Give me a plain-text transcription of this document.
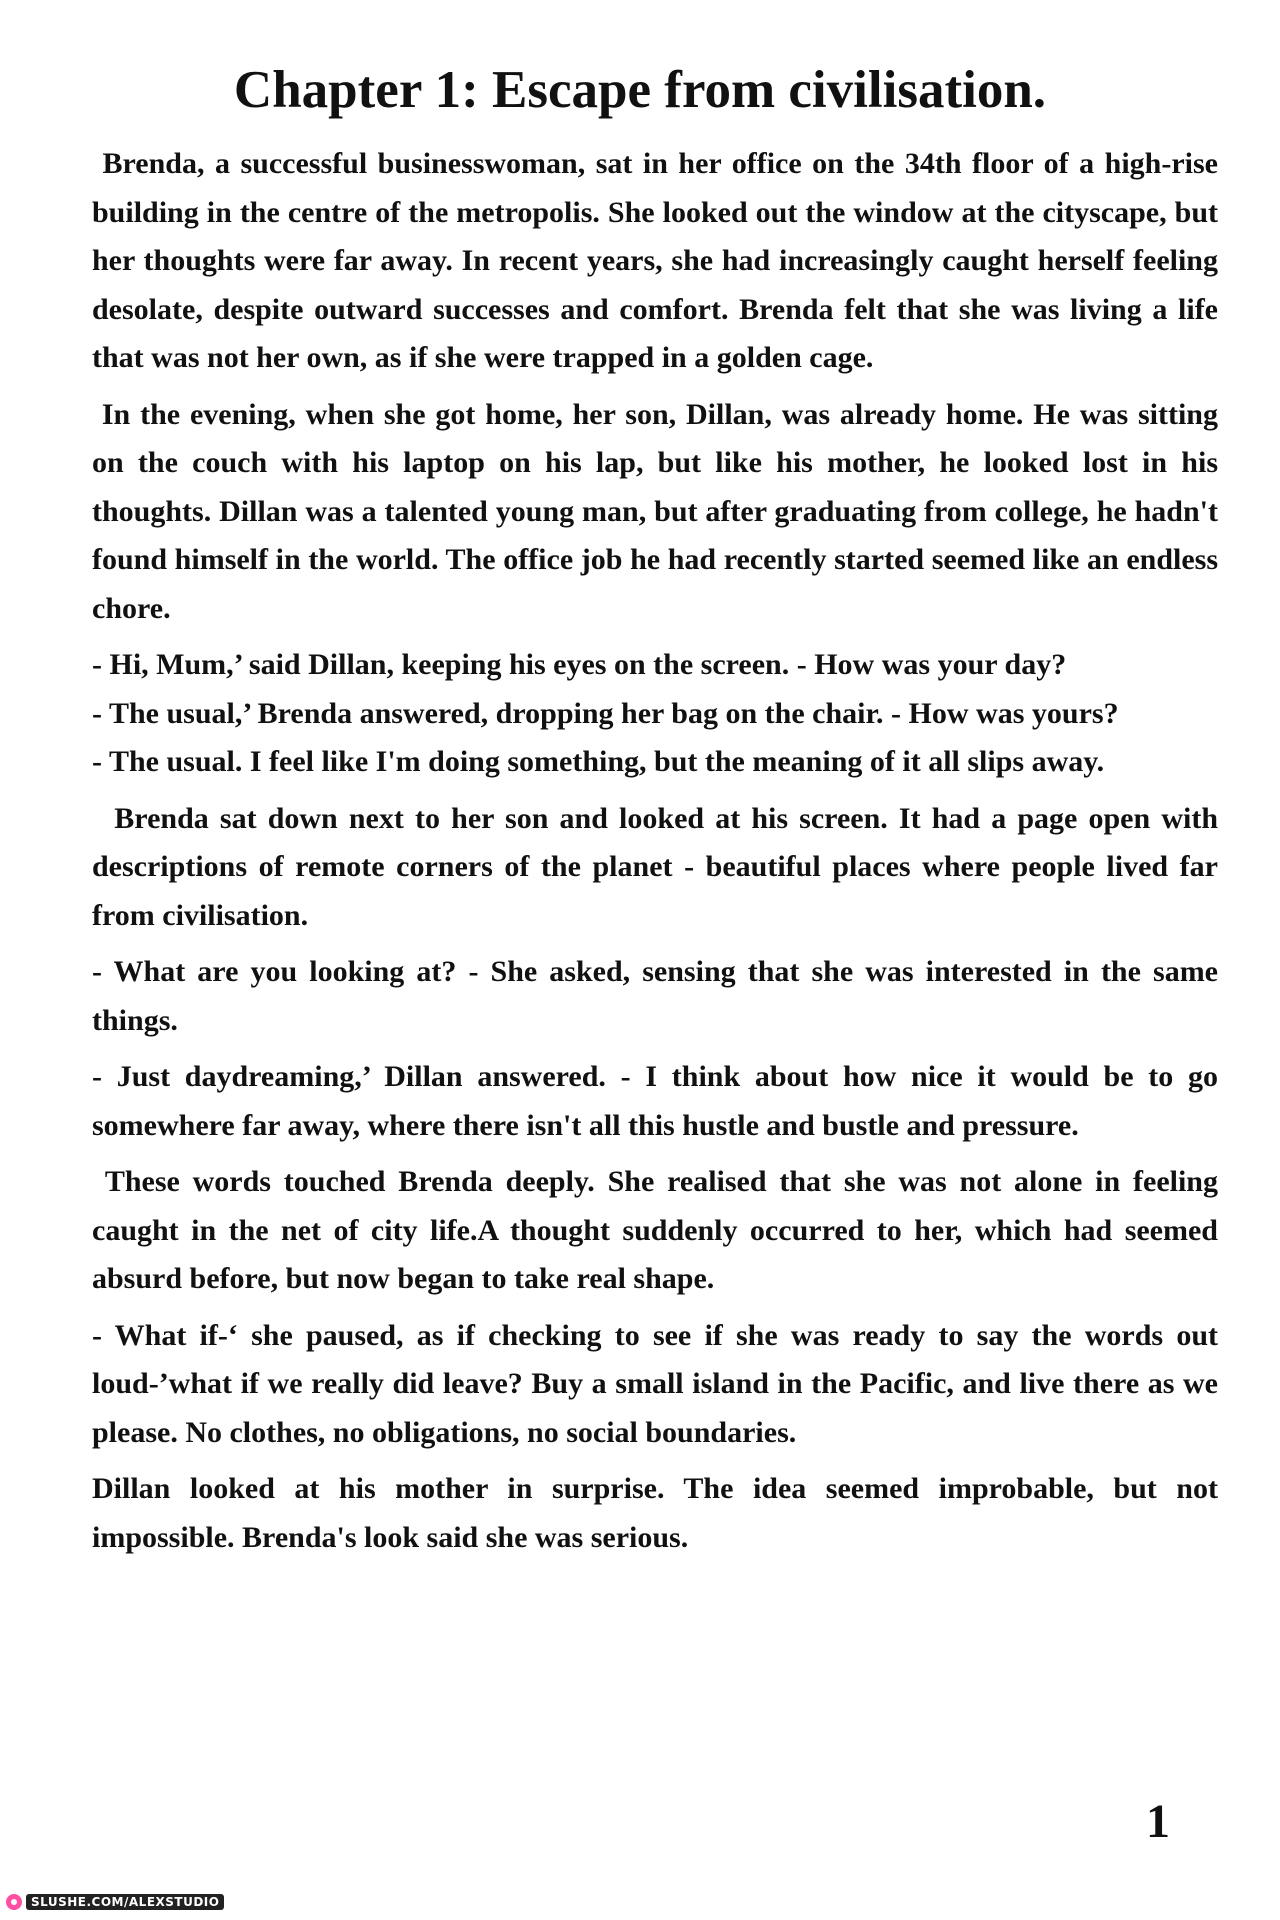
Chapter 1: Escape from civilisation.

Brenda, a successful businesswoman, sat in her office on the 34th floor of a high-rise building in the centre of the metropolis. She looked out the window at the cityscape, but her thoughts were far away. In recent years, she had increasingly caught herself feeling desolate, despite outward successes and comfort. Brenda felt that she was living a life that was not her own, as if she were trapped in a golden cage.

In the evening, when she got home, her son, Dillan, was already home. He was sitting on the couch with his laptop on his lap, but like his mother, he looked lost in his thoughts. Dillan was a talented young man, but after graduating from college, he hadn't found himself in the world. The office job he had recently started seemed like an endless chore.

- Hi, Mum,’ said Dillan, keeping his eyes on the screen. - How was your day?

- The usual,’ Brenda answered, dropping her bag on the chair. - How was yours?

- The usual. I feel like I'm doing something, but the meaning of it all slips away.

Brenda sat down next to her son and looked at his screen. It had a page open with descriptions of remote corners of the planet - beautiful places where people lived far from civilisation.

- What are you looking at? - She asked, sensing that she was interested in the same things.

- Just daydreaming,’ Dillan answered. - I think about how nice it would be to go somewhere far away, where there isn't all this hustle and bustle and pressure.

These words touched Brenda deeply. She realised that she was not alone in feeling caught in the net of city life.A thought suddenly occurred to her, which had seemed absurd before, but now began to take real shape.

- What if-‘ she paused, as if checking to see if she was ready to say the words out loud-’what if we really did leave? Buy a small island in the Pacific, and live there as we please. No clothes, no obligations, no social boundaries.

Dillan looked at his mother in surprise. The idea seemed improbable, but not impossible. Brenda's look said she was serious.

1
SLUSHE.COM/ALEXSTUDIO
